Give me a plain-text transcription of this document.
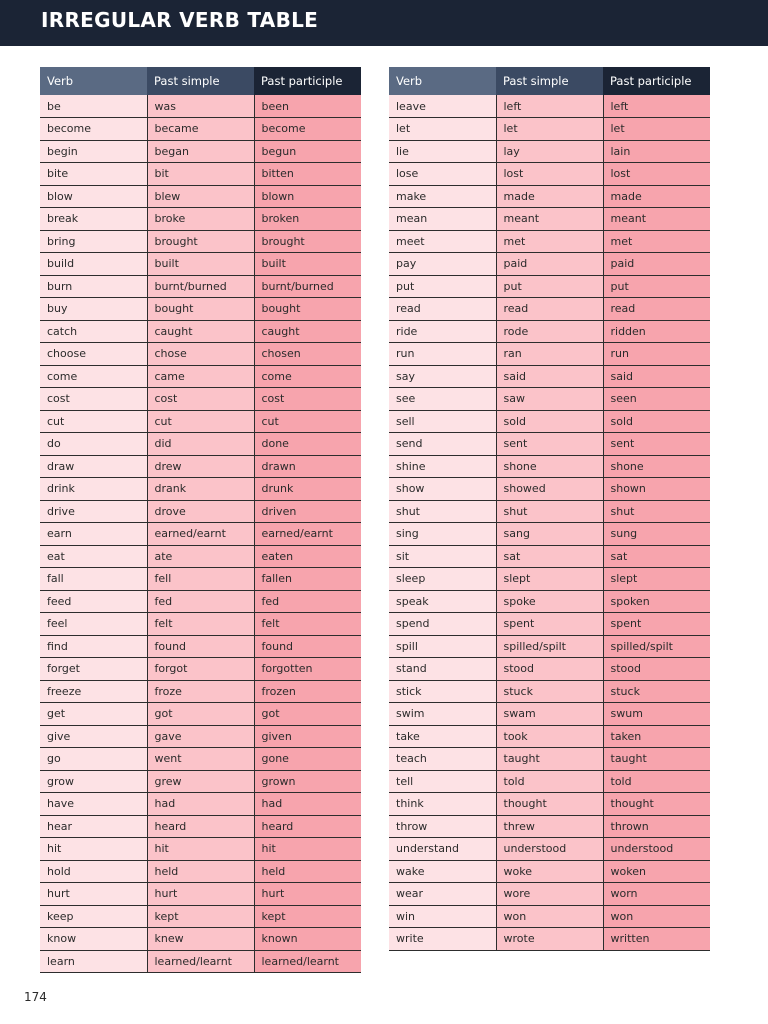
IRREGULAR VERB TABLE
Verb	Past simple	Past participle
be	was	been
become	became	become
begin	began	begun
bite	bit	bitten
blow	blew	blown
break	broke	broken
bring	brought	brought
build	built	built
burn	burnt/burned	burnt/burned
buy	bought	bought
catch	caught	caught
choose	chose	chosen
come	came	come
cost	cost	cost
cut	cut	cut
do	did	done
draw	drew	drawn
drink	drank	drunk
drive	drove	driven
earn	earned/earnt	earned/earnt
eat	ate	eaten
fall	fell	fallen
feed	fed	fed
feel	felt	felt
find	found	found
forget	forgot	forgotten
freeze	froze	frozen
get	got	got
give	gave	given
go	went	gone
grow	grew	grown
have	had	had
hear	heard	heard
hit	hit	hit
hold	held	held
hurt	hurt	hurt
keep	kept	kept
know	knew	known
learn	learned/learnt	learned/learnt
Verb	Past simple	Past participle
leave	left	left
let	let	let
lie	lay	lain
lose	lost	lost
make	made	made
mean	meant	meant
meet	met	met
pay	paid	paid
put	put	put
read	read	read
ride	rode	ridden
run	ran	run
say	said	said
see	saw	seen
sell	sold	sold
send	sent	sent
shine	shone	shone
show	showed	shown
shut	shut	shut
sing	sang	sung
sit	sat	sat
sleep	slept	slept
speak	spoke	spoken
spend	spent	spent
spill	spilled/spilt	spilled/spilt
stand	stood	stood
stick	stuck	stuck
swim	swam	swum
take	took	taken
teach	taught	taught
tell	told	told
think	thought	thought
throw	threw	thrown
understand	understood	understood
wake	woke	woken
wear	wore	worn
win	won	won
write	wrote	written
174
